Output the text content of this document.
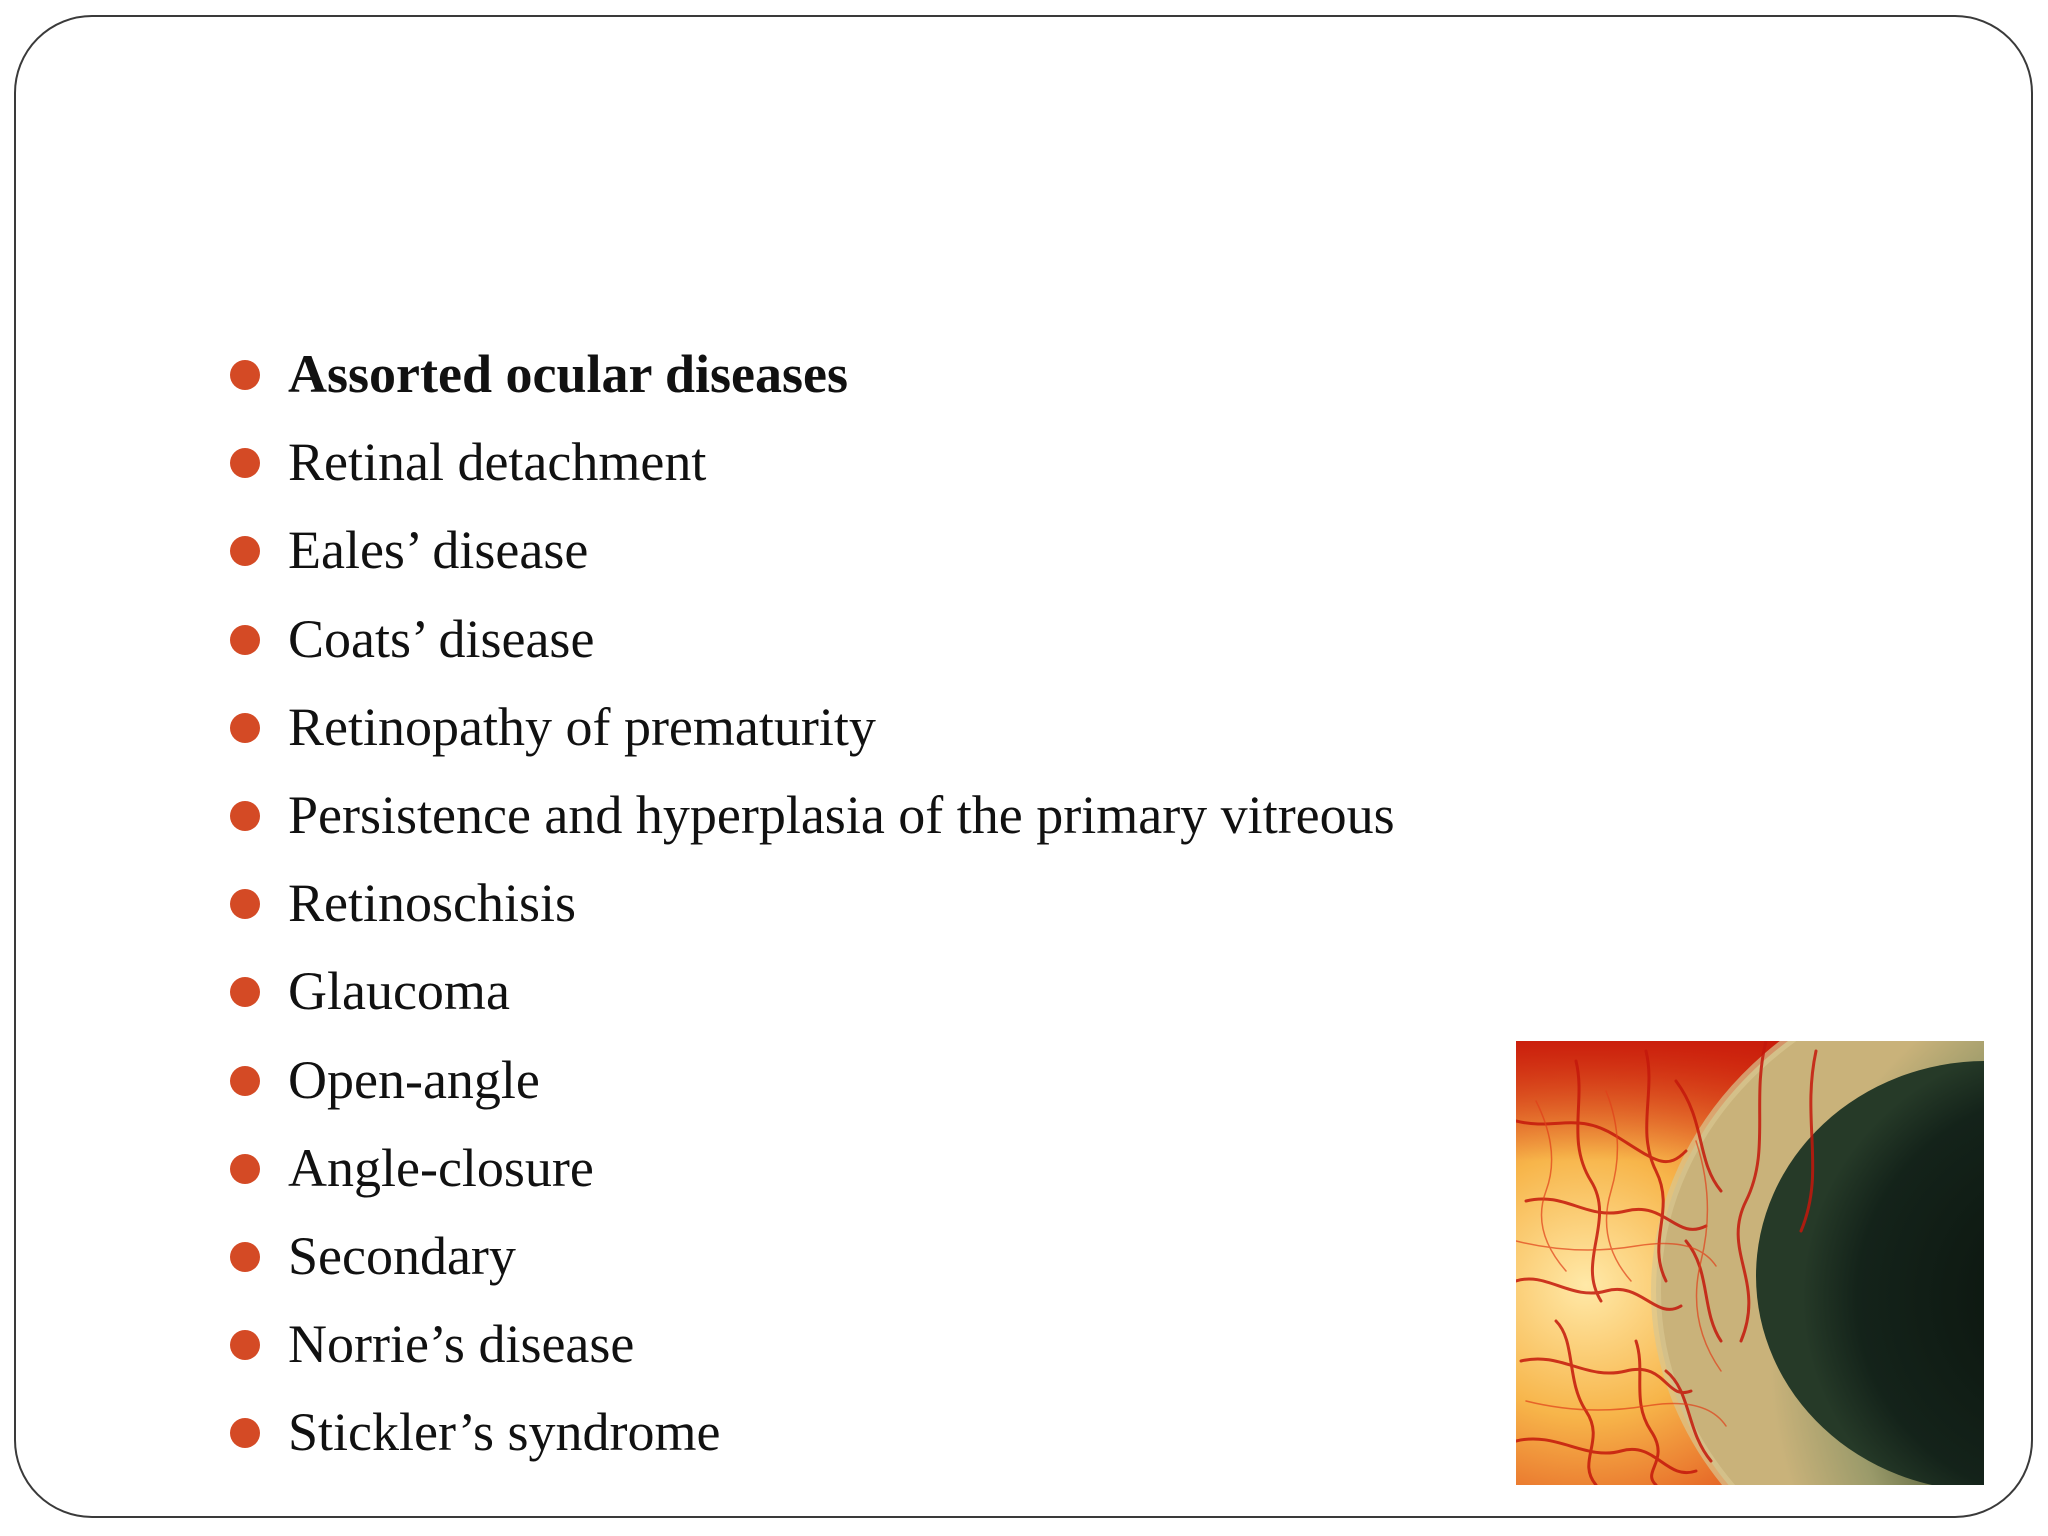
Assorted ocular diseases
Retinal detachment
Eales’ disease
Coats’ disease
Retinopathy of prematurity
Persistence and hyperplasia of the primary vitreous
Retinoschisis
Glaucoma
Open-angle
Angle-closure
Secondary
Norrie’s disease
Stickler’s syndrome
